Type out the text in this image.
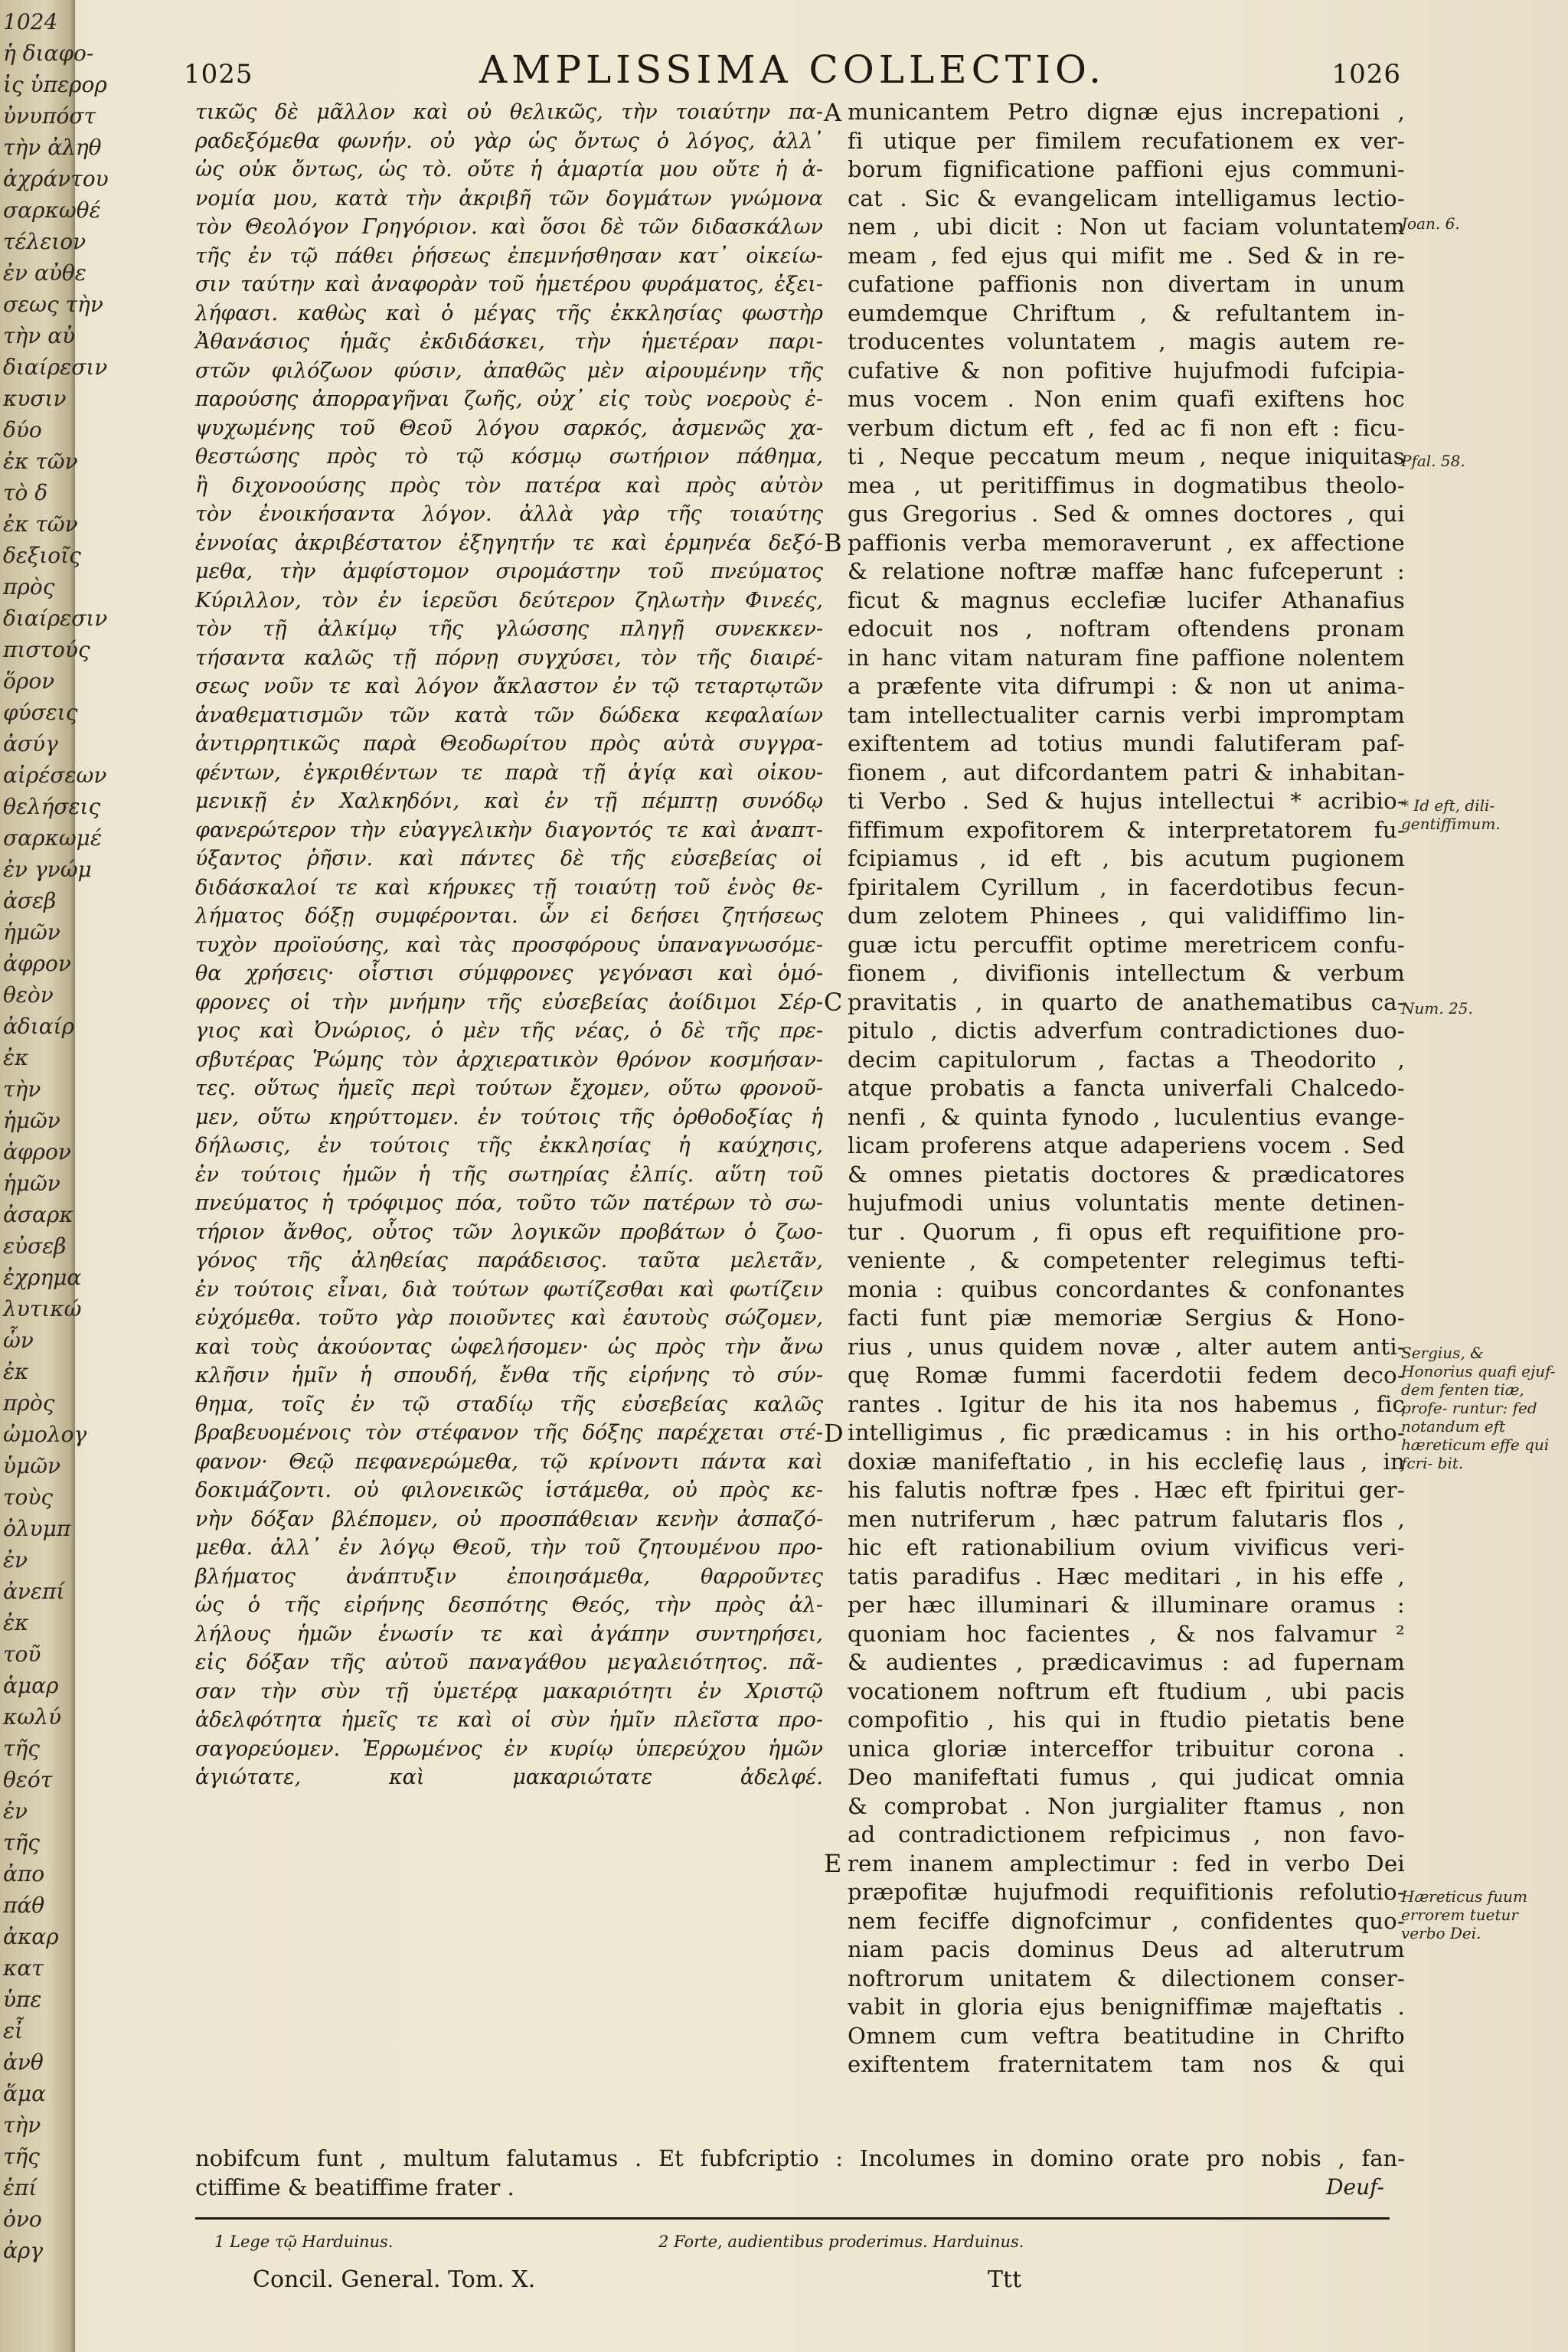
1024
ἡ διαφο-
ἰς ὑπερορ
ὐνυπόστ
τὴν ἀληθ
ἀχράντου
σαρκωθέ
τέλειον
ἐν αὐθε
σεως τὴν
τὴν αὐ
διαίρεσιν
κυσιν
δύο
ἐκ τῶν
τὸ δ
ἐκ τῶν
δεξιοῖς
πρὸς
διαίρεσιν
πιστούς
ὅρον
φύσεις
ἀσύγ
αἰρέσεων
θελήσεις
σαρκωμέ
ἐν γνώμ
ἀσεβ
ἡμῶν
ἀφρον
θεὸν
ἀδιαίρ
ἐκ
τὴν
ἡμῶν
ἀφρον
ἡμῶν
ἀσαρκ
εὐσεβ
ἐχρημα
λυτικώ
ὧν
ἐκ
πρὸς
ὠμολογ
ὑμῶν
τοὺς
ὀλυμπ
ἐν
ἀνεπί
ἐκ
τοῦ
ἁμαρ
κωλύ
τῆς
θεότ
ἐν
τῆς
ἀπο
πάθ
ἀκαρ
κατ
ὑπε
εἶ
ἀνθ
ἅμα
τὴν
τῆς
ἐπί
ὀνο
ἀργ
1025	AMPLISSIMA COLLECTIO.	1026
τικῶς δὲ μᾶλλον καὶ οὐ θελικῶς, τὴν τοιαύτην πα-
ραδεξόμεθα φωνήν. οὐ γὰρ ὡς ὄντως ὁ λόγος, ἀλλ᾽
ὡς οὐκ ὄντως, ὡς τὸ. οὔτε ἡ ἁμαρτία μου οὔτε ἡ ἀ-
νομία μου, κατὰ τὴν ἀκριβῆ τῶν δογμάτων γνώμονα
τὸν Θεολόγον Γρηγόριον. καὶ ὅσοι δὲ τῶν διδασκάλων
τῆς ἐν τῷ πάθει ῥήσεως ἐπεμνήσθησαν κατ᾽ οἰκείω-
σιν ταύτην καὶ ἀναφορὰν τοῦ ἡμετέρου φυράματος, ἐξει-
λήφασι. καθὼς καὶ ὁ μέγας τῆς ἐκκλησίας φωστὴρ
Ἀθανάσιος ἡμᾶς ἐκδιδάσκει, τὴν ἡμετέραν παρι-
στῶν φιλόζωον φύσιν, ἀπαθῶς μὲν αἰρουμένην τῆς
παρούσης ἀπορραγῆναι ζωῆς, οὐχ᾽ εἰς τοὺς νοεροὺς ἐ-
ψυχωμένης τοῦ Θεοῦ λόγου σαρκός, ἀσμενῶς χα-
θεστώσης πρὸς τὸ τῷ κόσμῳ σωτήριον πάθημα,
ἢ διχονοούσης πρὸς τὸν πατέρα καὶ πρὸς αὐτὸν
τὸν ἐνοικήσαντα λόγον. ἀλλὰ γὰρ τῆς τοιαύτης
ἐννοίας ἀκριβέστατον ἐξηγητήν τε καὶ ἑρμηνέα δεξό-
μεθα, τὴν ἀμφίστομον σιρομάστην τοῦ πνεύματος
Κύριλλον, τὸν ἐν ἱερεῦσι δεύτερον ζηλωτὴν Φινεές,
τὸν τῇ ἀλκίμῳ τῆς γλώσσης πληγῇ συνεκκεν-
τήσαντα καλῶς τῇ πόρνῃ συγχύσει, τὸν τῆς διαιρέ-
σεως νοῦν τε καὶ λόγον ἄκλαστον ἐν τῷ τεταρτῳτῶν
ἀναθεματισμῶν τῶν κατὰ τῶν δώδεκα κεφαλαίων
ἀντιρρητικῶς παρὰ Θεοδωρίτου πρὸς αὐτὰ συγγρα-
φέντων, ἐγκριθέντων τε παρὰ τῇ ἁγίᾳ καὶ οἰκου-
μενικῇ ἐν Χαλκηδόνι, καὶ ἐν τῇ πέμπτῃ συνόδῳ
φανερώτερον τὴν εὐαγγελικὴν διαγοντός τε καὶ ἀναπτ-
ύξαντος ῥῆσιν. καὶ πάντες δὲ τῆς εὐσεβείας οἱ
διδάσκαλοί τε καὶ κήρυκες τῇ τοιαύτῃ τοῦ ἑνὸς θε-
λήματος δόξῃ συμφέρονται. ὧν εἰ δεήσει ζητήσεως
τυχὸν προϊούσης, καὶ τὰς προσφόρους ὑπαναγνωσόμε-
θα χρήσεις· οἷστισι σύμφρονες γεγόνασι καὶ ὁμό-
φρονες οἱ τὴν μνήμην τῆς εὐσεβείας ἀοίδιμοι Σέρ-
γιος καὶ Ὀνώριος, ὁ μὲν τῆς νέας, ὁ δὲ τῆς πρε-
σβυτέρας Ῥώμης τὸν ἀρχιερατικὸν θρόνον κοσμήσαν-
τες. οὕτως ἡμεῖς περὶ τούτων ἔχομεν, οὕτω φρονοῦ-
μεν, οὕτω κηρύττομεν. ἐν τούτοις τῆς ὀρθοδοξίας ἡ
δήλωσις, ἐν τούτοις τῆς ἐκκλησίας ἡ καύχησις,
ἐν τούτοις ἡμῶν ἡ τῆς σωτηρίας ἐλπίς. αὕτη τοῦ
πνεύματος ἡ τρόφιμος πόα, τοῦτο τῶν πατέρων τὸ σω-
τήριον ἄνθος, οὗτος τῶν λογικῶν προβάτων ὁ ζωο-
γόνος τῆς ἀληθείας παράδεισος. ταῦτα μελετᾶν,
ἐν τούτοις εἶναι, διὰ τούτων φωτίζεσθαι καὶ φωτίζειν
εὐχόμεθα. τοῦτο γὰρ ποιοῦντες καὶ ἑαυτοὺς σώζομεν,
καὶ τοὺς ἀκούοντας ὠφελήσομεν· ὡς πρὸς τὴν ἄνω
κλῆσιν ἡμῖν ἡ σπουδή, ἔνθα τῆς εἰρήνης τὸ σύν-
θημα, τοῖς ἐν τῷ σταδίῳ τῆς εὐσεβείας καλῶς
βραβευομένοις τὸν στέφανον τῆς δόξης παρέχεται στέ-
φανον· Θεῷ πεφανερώμεθα, τῷ κρίνοντι πάντα καὶ
δοκιμάζοντι. οὐ φιλονεικῶς ἱστάμεθα, οὐ πρὸς κε-
νὴν δόξαν βλέπομεν, οὐ προσπάθειαν κενὴν ἀσπαζό-
μεθα. ἀλλ᾽ ἐν λόγῳ Θεοῦ, τὴν τοῦ ζητουμένου προ-
βλήματος ἀνάπτυξιν ἐποιησάμεθα, θαρροῦντες
ὡς ὁ τῆς εἰρήνης δεσπότης Θεός, τὴν πρὸς ἀλ-
λήλους ἡμῶν ἑνωσίν τε καὶ ἀγάπην συντηρήσει,
εἰς δόξαν τῆς αὐτοῦ παναγάθου μεγαλειότητος. πᾶ-
σαν τὴν σὺν τῇ ὑμετέρᾳ μακαριότητι ἐν Χριστῷ
ἀδελφότητα ἡμεῖς τε καὶ οἱ σὺν ἡμῖν πλεῖστα προ-
σαγορεύομεν. Ἐρρωμένος ἐν κυρίῳ ὑπερεύχου ἡμῶν
ἁγιώτατε, καὶ μακαριώτατε ἀδελφέ.
municantem Petro dignæ ejus increpationi ,
fi utique per fimilem recufationem ex ver-
borum fignificatione paffioni ejus communi-
cat . Sic & evangelicam intelligamus lectio-
nem , ubi dicit : Non ut faciam voluntatem
meam , fed ejus qui mifit me . Sed & in re-
cufatione paffionis non divertam in unum
eumdemque Chriftum , & refultantem in-
troducentes voluntatem , magis autem re-
cufative & non pofitive hujufmodi fufcipia-
mus vocem . Non enim quafi exiftens hoc
verbum dictum eft , fed ac fi non eft : ficu-
ti , Neque peccatum meum , neque iniquitas
mea , ut peritiffimus in dogmatibus theolo-
gus Gregorius . Sed & omnes doctores , qui
paffionis verba memoraverunt , ex affectione
& relatione noftræ maffæ hanc fufceperunt :
ficut & magnus ecclefiæ lucifer Athanafius
edocuit nos , noftram oftendens pronam
in hanc vitam naturam fine paffione nolentem
a præfente vita difrumpi : & non ut anima-
tam intellectualiter carnis verbi impromptam
exiftentem ad totius mundi falutiferam paf-
fionem , aut difcordantem patri & inhabitan-
ti Verbo . Sed & hujus intellectui * acribio-
fiffimum expofitorem & interpretatorem fu-
fcipiamus , id eft , bis acutum pugionem
fpiritalem Cyrillum , in facerdotibus fecun-
dum zelotem Phinees , qui validiffimo lin-
guæ ictu percuffit optime meretricem confu-
fionem , divifionis intellectum & verbum
pravitatis , in quarto de anathematibus ca-
pitulo , dictis adverfum contradictiones duo-
decim capitulorum , factas a Theodorito ,
atque probatis a fancta univerfali Chalcedo-
nenfi , & quinta fynodo , luculentius evange-
licam proferens atque adaperiens vocem . Sed
& omnes pietatis doctores & prædicatores
hujufmodi unius voluntatis mente detinen-
tur . Quorum , fi opus eft requifitione pro-
veniente , & competenter relegimus tefti-
monia : quibus concordantes & confonantes
facti funt piæ memoriæ Sergius & Hono-
rius , unus quidem novæ , alter autem anti-
quę Romæ fummi facerdotii fedem deco-
rantes . Igitur de his ita nos habemus , fic
intelligimus , fic prædicamus : in his ortho-
doxiæ manifeftatio , in his ecclefię laus , in
his falutis noftræ fpes . Hæc eft fpiritui ger-
men nutriferum , hæc patrum falutaris flos ,
hic eft rationabilium ovium vivificus veri-
tatis paradifus . Hæc meditari , in his effe ,
per hæc illuminari & illuminare oramus :
quoniam hoc facientes , & nos falvamur ²
& audientes , prædicavimus : ad fupernam
vocationem noftrum eft ftudium , ubi pacis
compofitio , his qui in ftudio pietatis bene
unica gloriæ interceffor tribuitur corona .
Deo manifeftati fumus , qui judicat omnia
& comprobat . Non jurgialiter ftamus , non
ad contradictionem refpicimus , non favo-
rem inanem amplectimur : fed in verbo Dei
præpofitæ hujufmodi requifitionis refolutio-
nem feciffe dignofcimur , confidentes quo-
niam pacis dominus Deus ad alterutrum
noftrorum unitatem & dilectionem conser-
vabit in gloria ejus benigniffimæ majeftatis .
Omnem cum veftra beatitudine in Chrifto
exiftentem fraternitatem tam nos & qui
A
B
C
D
E
Joan. 6.
Pfal. 58.
* Id eft, dili- gentiffimum.
Num. 25.
Sergius, & Honorius quafi ejuf- dem fenten tiæ, profe- runtur: fed notandum eft hæreticum effe qui fcri- bit.
Hæreticus fuum errorem tuetur verbo Dei.
nobifcum funt , multum falutamus . Et fubfcriptio : Incolumes in domino orate pro nobis , fan-
ctiffime & beatiffime frater .	Deuf-
1 Lege τῷ Harduinus.	2 Forte, audientibus proderimus. Harduinus.
Concil. General. Tom. X.	Ttt
